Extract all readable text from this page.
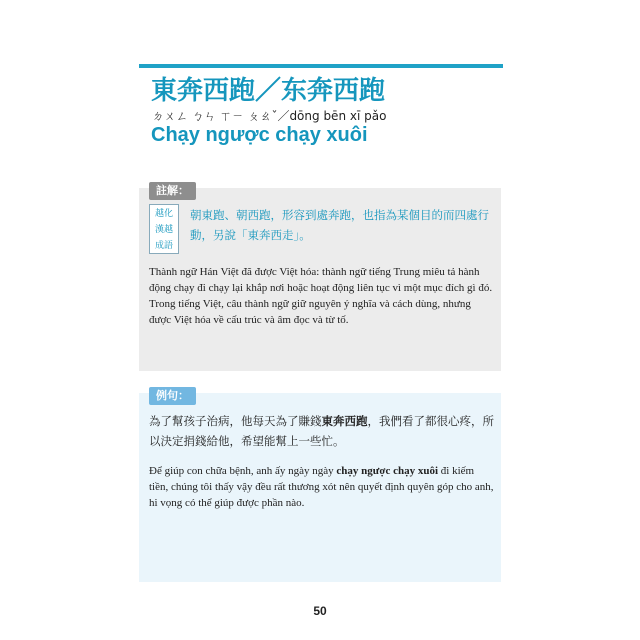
東奔西跑／东奔西跑
ㄉㄨㄥ ㄅㄣ ㄒㄧ ㄆㄠˇ／dōng bēn xī pǎo
Chạy ngược chạy xuôi
註解：
越化
漢越
成語
朝東跑、朝西跑，形容到處奔跑，也指為某個目的而四處行動，另說「東奔西走」。
Thành ngữ Hán Việt đã được Việt hóa: thành ngữ tiếng Trung miêu tả hành động chạy đi chạy lại khắp nơi hoặc hoạt động liên tục vì một mục đích gì đó. Trong tiếng Việt, câu thành ngữ giữ nguyên ý nghĩa và cách dùng, nhưng được Việt hóa về cấu trúc và âm đọc và từ tố.
例句：
為了幫孩子治病，他每天為了賺錢東奔西跑，我們看了都很心疼，所以決定捐錢給他，希望能幫上一些忙。
Để giúp con chữa bệnh, anh ấy ngày ngày chạy ngược chạy xuôi đi kiếm tiền, chúng tôi thấy vậy đều rất thương xót nên quyết định quyên góp cho anh, hi vọng có thể giúp được phần nào.
50
